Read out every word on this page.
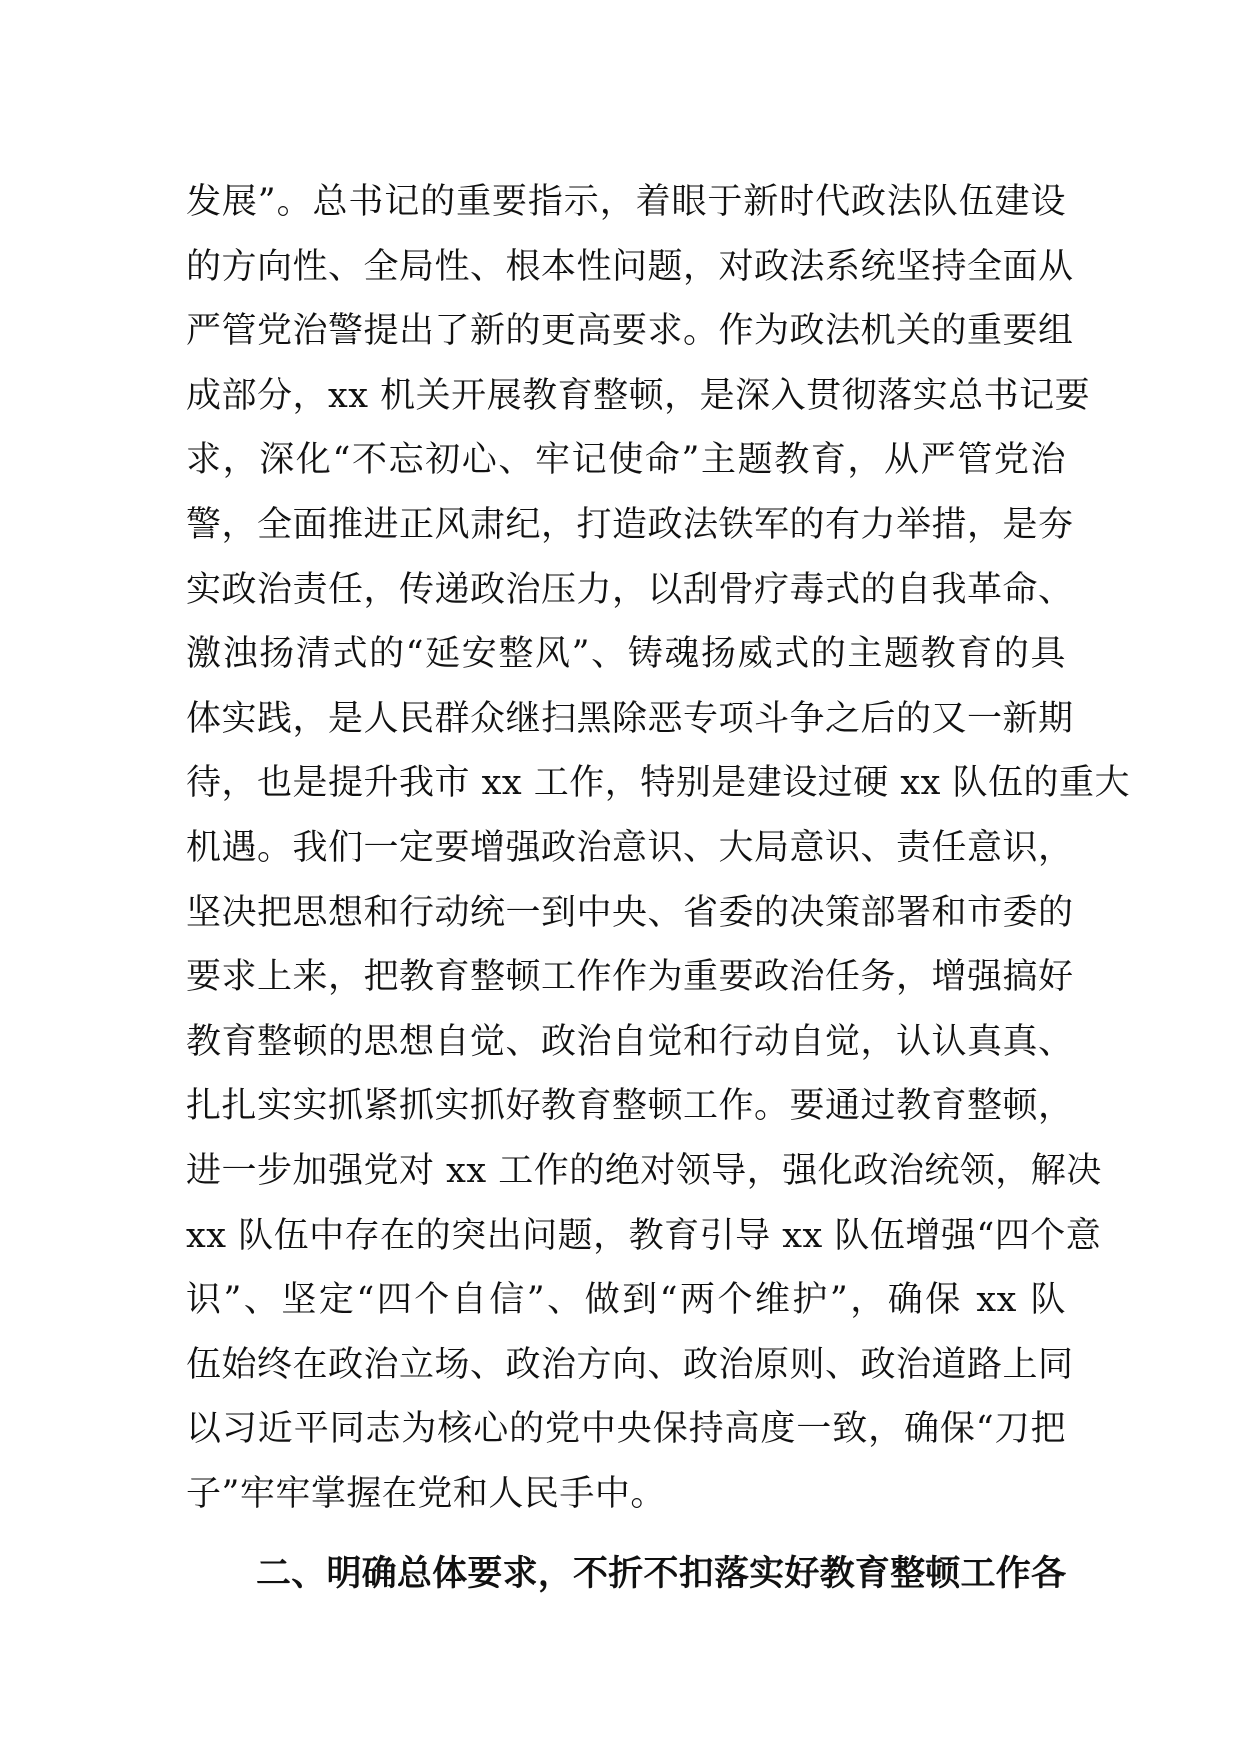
发展”。总书记的重要指示，着眼于新时代政法队伍建设
的方向性、全局性、根本性问题，对政法系统坚持全面从
严管党治警提出了新的更高要求。作为政法机关的重要组
成部分，xx 机关开展教育整顿，是深入贯彻落实总书记要
求，深化“不忘初心、牢记使命”主题教育，从严管党治
警，全面推进正风肃纪，打造政法铁军的有力举措，是夯
实政治责任，传递政治压力，以刮骨疗毒式的自我革命、
激浊扬清式的“延安整风”、铸魂扬威式的主题教育的具
体实践，是人民群众继扫黑除恶专项斗争之后的又一新期
待，也是提升我市 xx 工作，特别是建设过硬 xx 队伍的重大
机遇。我们一定要增强政治意识、大局意识、责任意识，
坚决把思想和行动统一到中央、省委的决策部署和市委的
要求上来，把教育整顿工作作为重要政治任务，增强搞好
教育整顿的思想自觉、政治自觉和行动自觉，认认真真、
扎扎实实抓紧抓实抓好教育整顿工作。要通过教育整顿，
进一步加强党对 xx 工作的绝对领导，强化政治统领，解决
xx 队伍中存在的突出问题，教育引导 xx 队伍增强“四个意
识”、坚定“四个自信”、做到“两个维护”，确保 xx 队
伍始终在政治立场、政治方向、政治原则、政治道路上同
以习近平同志为核心的党中央保持高度一致，确保“刀把
子”牢牢掌握在党和人民手中。
二、明确总体要求，不折不扣落实好教育整顿工作各
